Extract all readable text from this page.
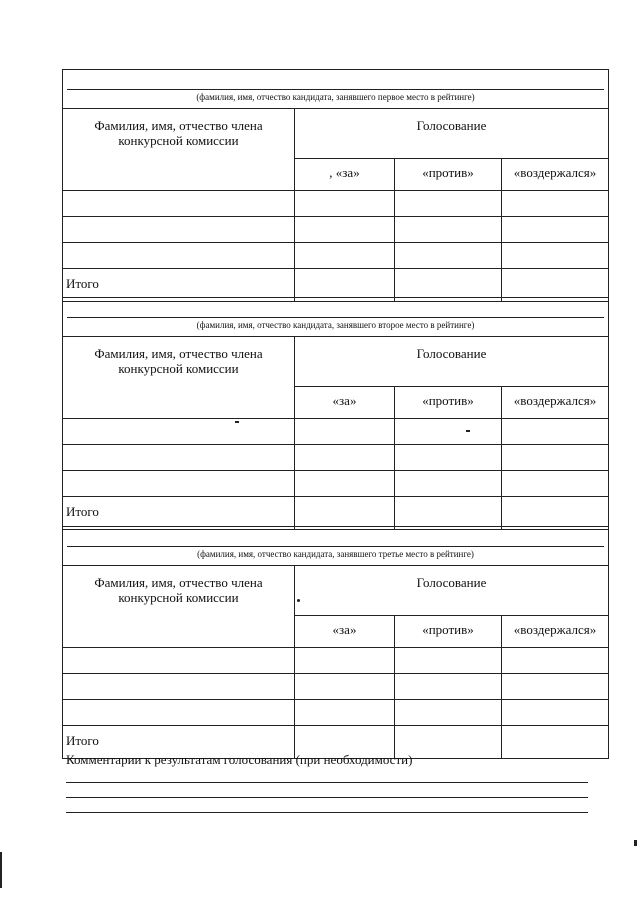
(фамилия, имя, отчество кандидата, занявшего первое место в рейтинге)			

Фамилия, имя, отчество члена конкурсной комиссии	Голосование		
	, «за»	«против»	«воздержался»

Итого			
(фамилия, имя, отчество кандидата, занявшего второе место в рейтинге)			

Фамилия, имя, отчество члена конкурсной комиссии	Голосование		
	«за»	«против»	«воздержался»

Итого			
(фамилия, имя, отчество кандидата, занявшего третье место в рейтинге)			

Фамилия, имя, отчество члена конкурсной комиссии	Голосование		
	«за»	«против»	«воздержался»

Итого			
Комментарии к результатам голосования (при необходимости)
